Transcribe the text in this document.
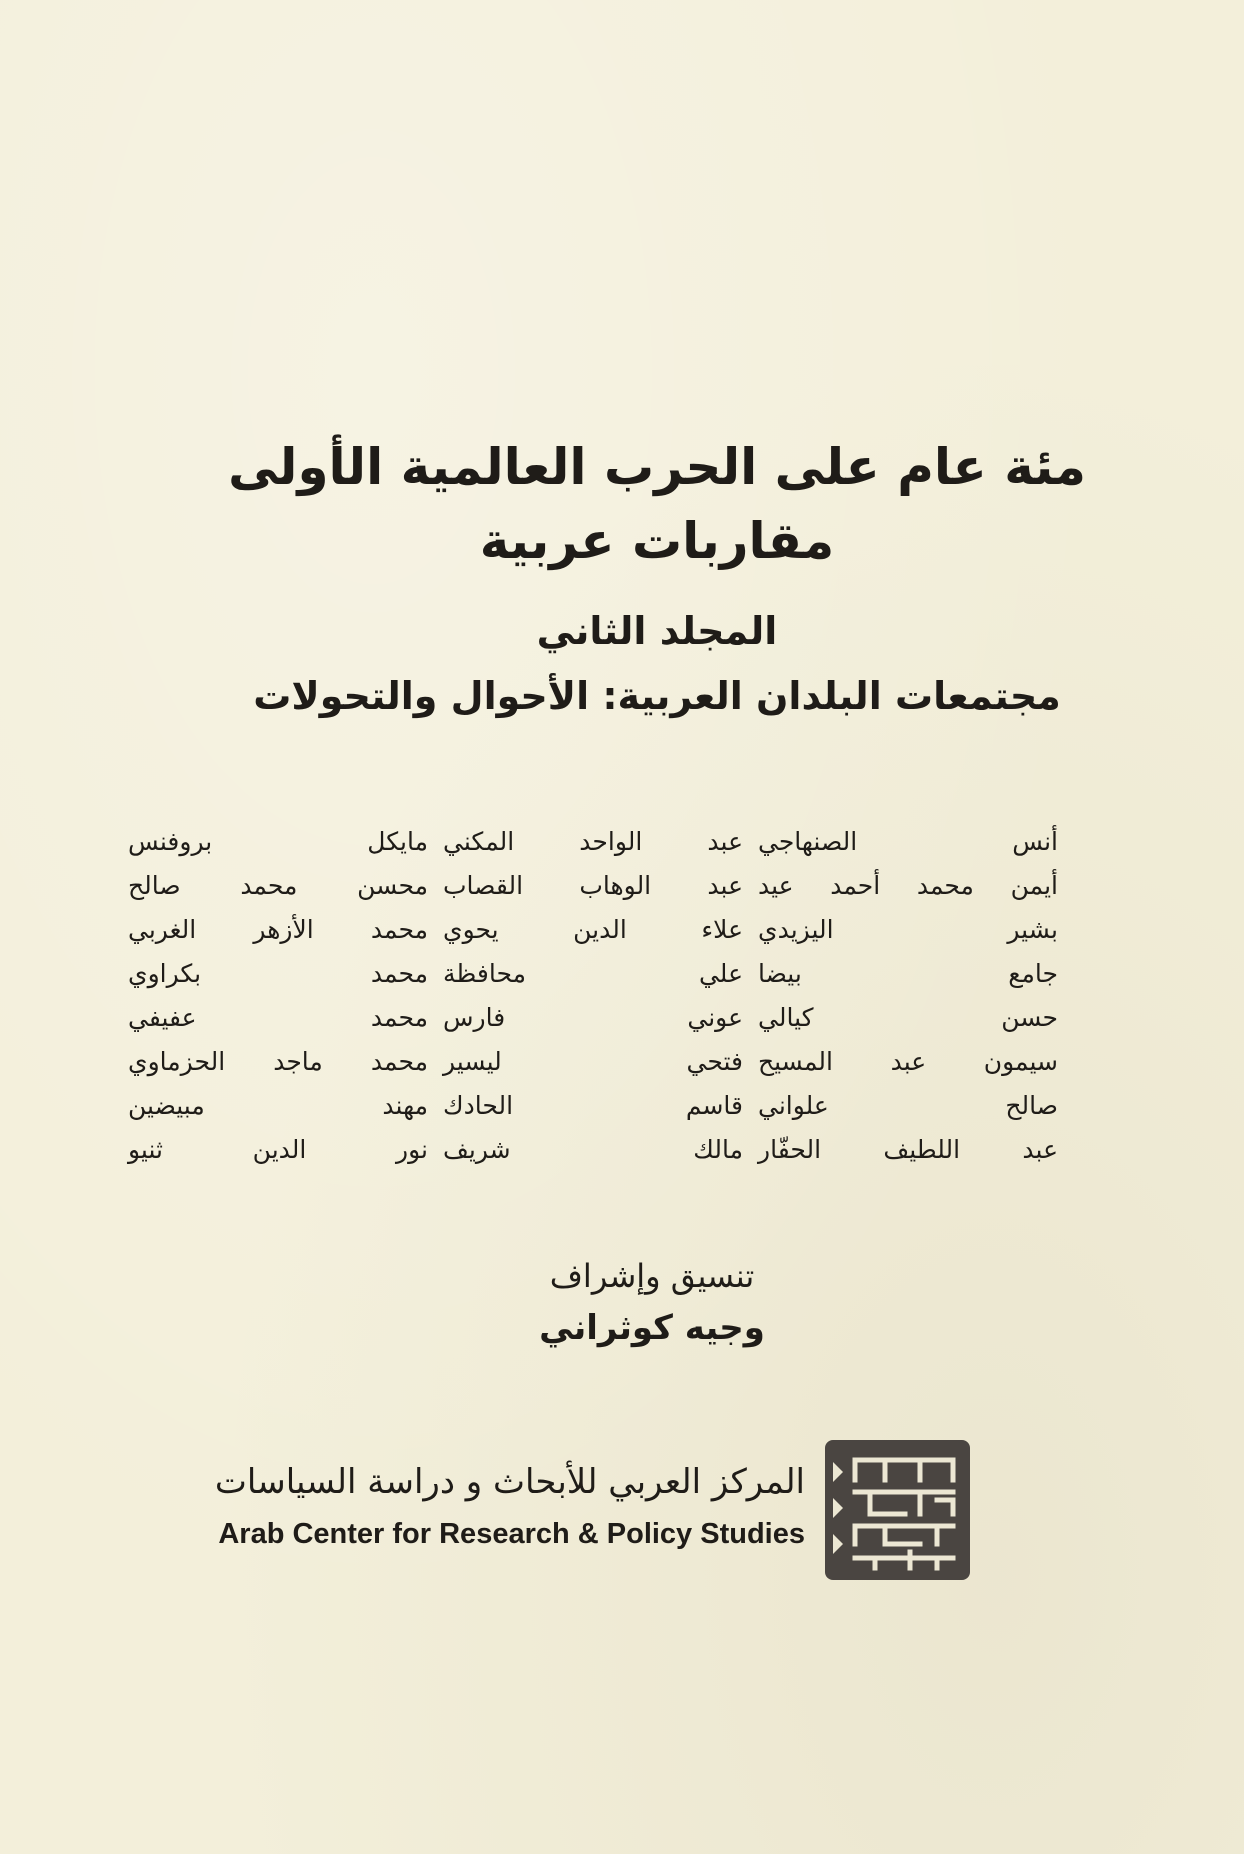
مئة عام على الحرب العالمية الأولى
مقاربات عربية
المجلد الثاني
مجتمعات البلدان العربية: الأحوال والتحولات
أنس الصنهاجي
أيمن محمد أحمد عيد
بشير اليزيدي
جامع بيضا
حسن كيالي
سيمون عبد المسيح
صالح علواني
عبد اللطيف الحفّار
عبد الواحد المكني
عبد الوهاب القصاب
علاء الدين يحوي
علي محافظة
عوني فارس
فتحي ليسير
قاسم الحادك
مالك شريف
مايكل بروفنس
محسن محمد صالح
محمد الأزهر الغربي
محمد بكراوي
محمد عفيفي
محمد ماجد الحزماوي
مهند مبيضين
نور الدين ثنيو
تنسيق وإشراف
وجيه كوثراني
المركز العربي للأبحاث و دراسة السياسات
Arab Center for Research & Policy Studies
